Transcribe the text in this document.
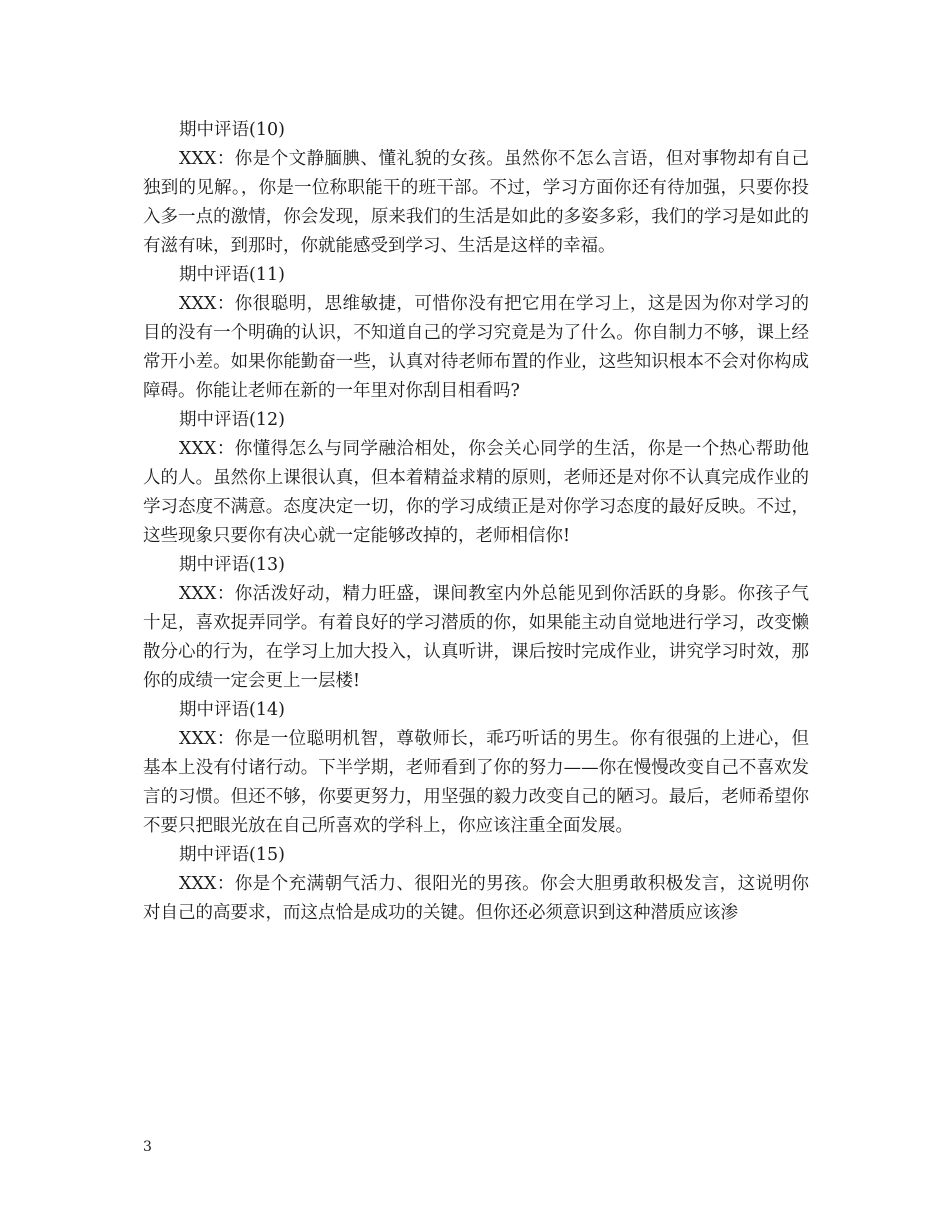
期中评语(10)

XXX：你是个文静腼腆、懂礼貌的女孩。虽然你不怎么言语，但对事物却有自己独到的见解。，你是一位称职能干的班干部。不过，学习方面你还有待加强，只要你投入多一点的激情，你会发现，原来我们的生活是如此的多姿多彩，我们的学习是如此的有滋有味，到那时，你就能感受到学习、生活是这样的幸福。

期中评语(11)

XXX：你很聪明，思维敏捷，可惜你没有把它用在学习上，这是因为你对学习的目的没有一个明确的认识，不知道自己的学习究竟是为了什么。你自制力不够，课上经常开小差。如果你能勤奋一些，认真对待老师布置的作业，这些知识根本不会对你构成障碍。你能让老师在新的一年里对你刮目相看吗?

期中评语(12)

XXX：你懂得怎么与同学融洽相处，你会关心同学的生活，你是一个热心帮助他人的人。虽然你上课很认真，但本着精益求精的原则，老师还是对你不认真完成作业的学习态度不满意。态度决定一切，你的学习成绩正是对你学习态度的最好反映。不过，这些现象只要你有决心就一定能够改掉的，老师相信你!

期中评语(13)

XXX：你活泼好动，精力旺盛，课间教室内外总能见到你活跃的身影。你孩子气十足，喜欢捉弄同学。有着良好的学习潜质的你，如果能主动自觉地进行学习，改变懒散分心的行为，在学习上加大投入，认真听讲，课后按时完成作业，讲究学习时效，那你的成绩一定会更上一层楼!

期中评语(14)

XXX：你是一位聪明机智，尊敬师长，乖巧听话的男生。你有很强的上进心，但基本上没有付诸行动。下半学期，老师看到了你的努力——你在慢慢改变自己不喜欢发言的习惯。但还不够，你要更努力，用坚强的毅力改变自己的陋习。最后，老师希望你不要只把眼光放在自己所喜欢的学科上，你应该注重全面发展。

期中评语(15)

XXX：你是个充满朝气活力、很阳光的男孩。你会大胆勇敢积极发言，这说明你对自己的高要求，而这点恰是成功的关键。但你还必须意识到这种潜质应该渗

3
